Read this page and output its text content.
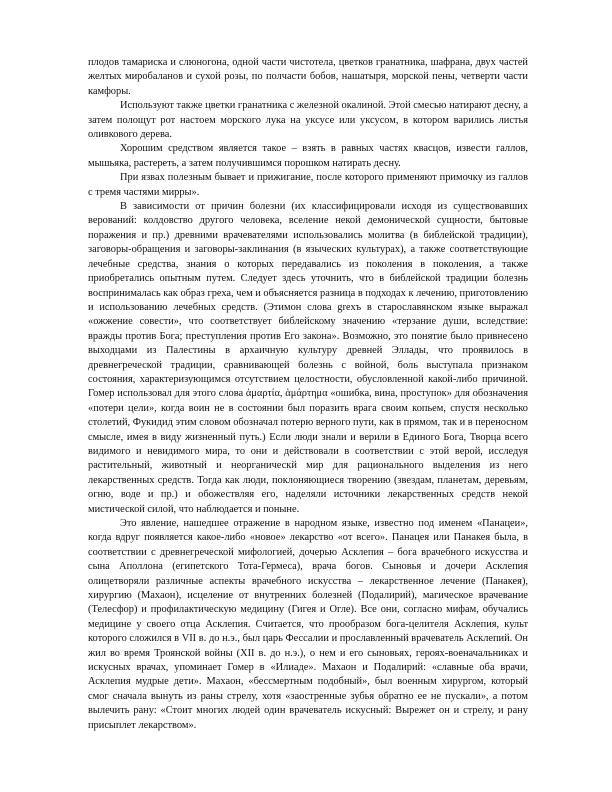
плодов тамариска и слюногона, одной части чистотела, цветков гранатника, шафрана, двух частей желтых миробаланов и сухой розы, по полчасти бобов, нашатыря, морской пены, четверти части камфоры.

Используют также цветки гранатника с железной окалиной. Этой смесью натирают десну, а затем полощут рот настоем морского лука на уксусе или уксусом, в котором варились листья оливкового дерева.

Хорошим средством является такое – взять в равных частях квасцов, извести галлов, мышьяка, растереть, а затем получившимся порошком натирать десну.

При язвах полезным бывает и прижигание, после которого применяют примочку из галлов с тремя частями мирры».

В зависимости от причин болезни (их классифицировали исходя из существовавших верований: колдовство другого человека, вселение некой демонической сущности, бытовые поражения и пр.) древними врачевателями использовались молитва (в библейской традиции), заговоры-обращения и заговоры-заклинания (в языческих культурах), а также соответствующие лечебные средства, знания о которых передавались из поколения в поколения, а также приобретались опытным путем. Следует здесь уточнить, что в библейской традиции болезнь воспринималась как образ греха, чем и объясняется разница в подходах к лечению, приготовлению и использованию лечебных средств. (Этимон слова grexъ в старославянском языке выражал «ожжение совести», что соответствует библейскому значению «терзание души, вследствие: вражды против Бога; преступления против Его закона». Возможно, это понятие было привнесено выходцами из Палестины в архаичную культуру древней Эллады, что проявилось в древнегреческой традиции, сравнивающей болезнь с войной, боль выступала признаком состояния, характеризующимся отсутствием целостности, обусловленной какой-либо причиной. Гомер использовал для этого слова ἁμαρτία, ἁμάρτημα «ошибка, вина, проступок» для обозначения «потери цели», когда воин не в состоянии был поразить врага своим копьем, спустя несколько столетий, Фукидид этим словом обозначал потерю верного пути, как в прямом, так и в переносном смысле, имея в виду жизненный путь.) Если люди знали и верили в Единого Бога, Творца всего видимого и невидимого мира, то они и действовали в соответствии с этой верой, исследуя растительный, животный и неорганическй мир для рационального выделения из него лекарственных средств. Тогда как люди, поклоняющиеся творению (звездам, планетам, деревьям, огню, воде и пр.) и обожествляя его, наделяли источники лекарственных средств некой мистической силой, что наблюдается и поныне.

Это явление, нашедшее отражение в народном языке, известно под именем «Панацеи», когда вдруг появляется какое-либо «новое» лекарство «от всего». Панацея или Панакея была, в соответствии с древнегреческой мифологией, дочерью Асклепия – бога врачебного искусства и сына Аполлона (египетского Тота-Гермеса), врача богов. Сыновья и дочери Асклепия олицетворяли различные аспекты врачебного искусства – лекарственное лечение (Панакея), хирургию (Махаон), исцеление от внутренних болезней (Подалирий), магическое врачевание (Телесфор) и профилактическую медицину (Гигея и Огле). Все они, согласно мифам, обучались медицине у своего отца Асклепия. Считается, что прообразом бога-целителя Асклепия, культ которого сложился в VII в. до н.э., был царь Фессалии и прославленный врачеватель Асклепий. Он жил во время Троянской войны (XII в. до н.э.), о нем и его сыновьях, героях-военачальниках и искусных врачах, упоминает Гомер в «Илиаде». Махаон и Подалирий: «славные оба врачи, Асклепия мудрые дети». Махаон, «бессмертным подобный», был военным хирургом, который смог сначала вынуть из раны стрелу, хотя «заостренные зубья обратно ее не пускали», а потом вылечить рану: «Стоит многих людей один врачеватель искусный: Вырежет он и стрелу, и рану присыплет лекарством».
